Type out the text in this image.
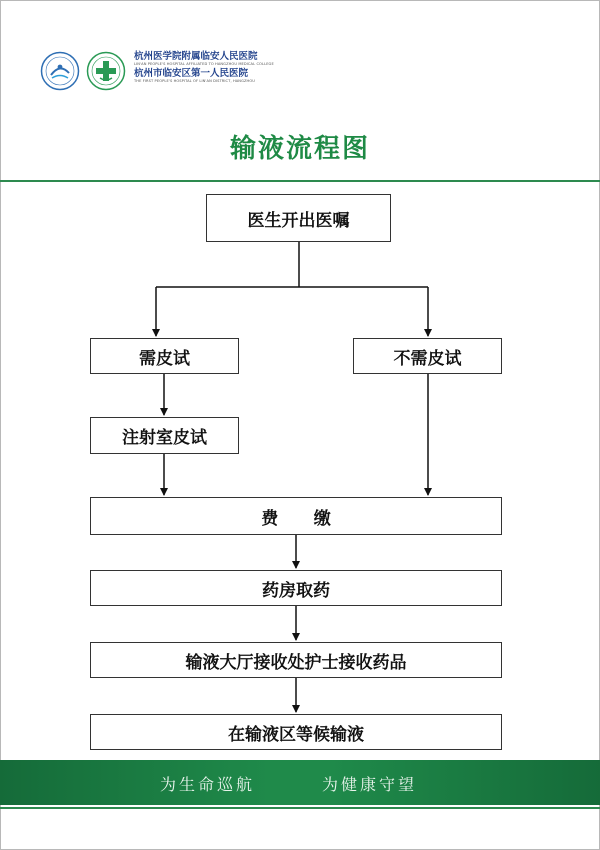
杭州医学院附属临安人民医院
LIN'AN PEOPLE'S HOSPITAL AFFILIATED TO HANGZHOU MEDICAL COLLEGE
杭州市临安区第一人民医院
THE FIRST PEOPLE'S HOSPITAL OF LIN'AN DISTRICT, HANGZHOU
输液流程图
医生开出医嘱
需皮试	不需皮试
注射室皮试
费      缴
药房取药
输液大厅接收处护士接收药品
在输液区等候输液
为生命巡航	为健康守望
